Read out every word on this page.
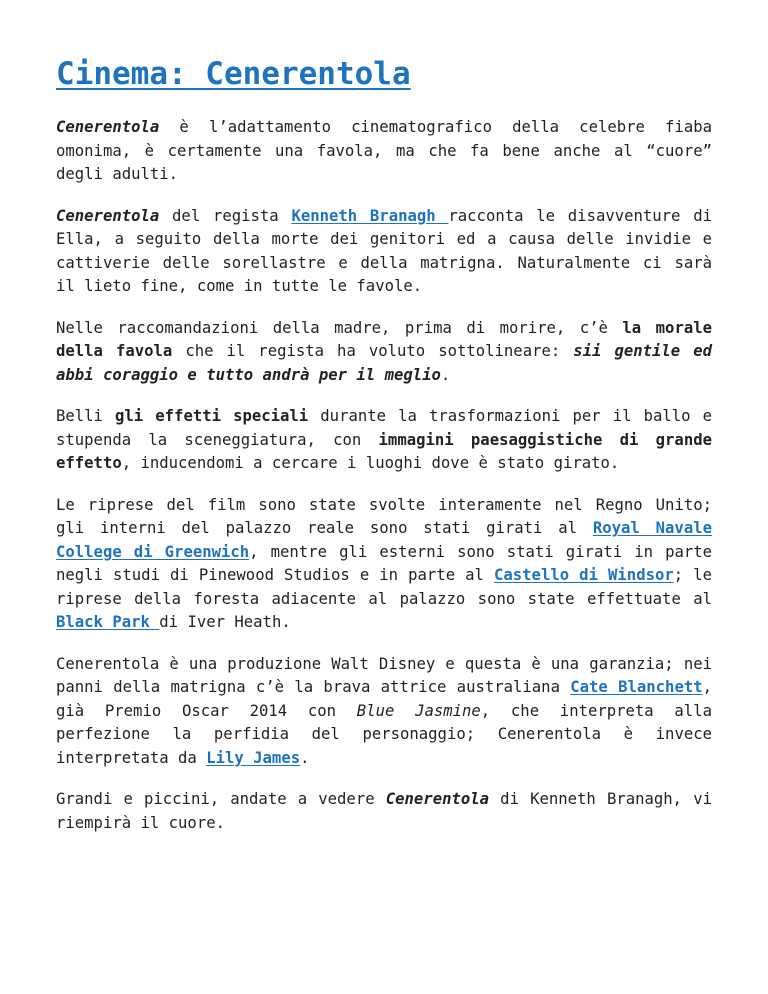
Cinema: Cenerentola

Cenerentola è l’adattamento cinematografico della celebre fiaba omonima, è certamente una favola, ma che fa bene anche al “cuore” degli adulti.

Cenerentola del regista Kenneth Branagh racconta le disavventure di Ella, a seguito della morte dei genitori ed a causa delle invidie e cattiverie delle sorellastre e della matrigna. Naturalmente ci sarà il lieto fine, come in tutte le favole.

Nelle raccomandazioni della madre, prima di morire, c’è la morale della favola che il regista ha voluto sottolineare: sii gentile ed abbi coraggio e tutto andrà per il meglio.

Belli gli effetti speciali durante la trasformazioni per il ballo e stupenda la sceneggiatura, con immagini paesaggistiche di grande effetto, inducendomi a cercare i luoghi dove è stato girato.

Le riprese del film sono state svolte interamente nel Regno Unito; gli interni del palazzo reale sono stati girati al Royal Navale College di Greenwich, mentre gli esterni sono stati girati in parte negli studi di Pinewood Studios e in parte al Castello di Windsor; le riprese della foresta adiacente al palazzo sono state effettuate al Black Park di Iver Heath.

Cenerentola è una produzione Walt Disney e questa è una garanzia; nei panni della matrigna c’è la brava attrice australiana Cate Blanchett, già Premio Oscar 2014 con Blue Jasmine, che interpreta alla perfezione la perfidia del personaggio; Cenerentola è invece interpretata da Lily James.

Grandi e piccini, andate a vedere Cenerentola di Kenneth Branagh, vi riempirà il cuore.
